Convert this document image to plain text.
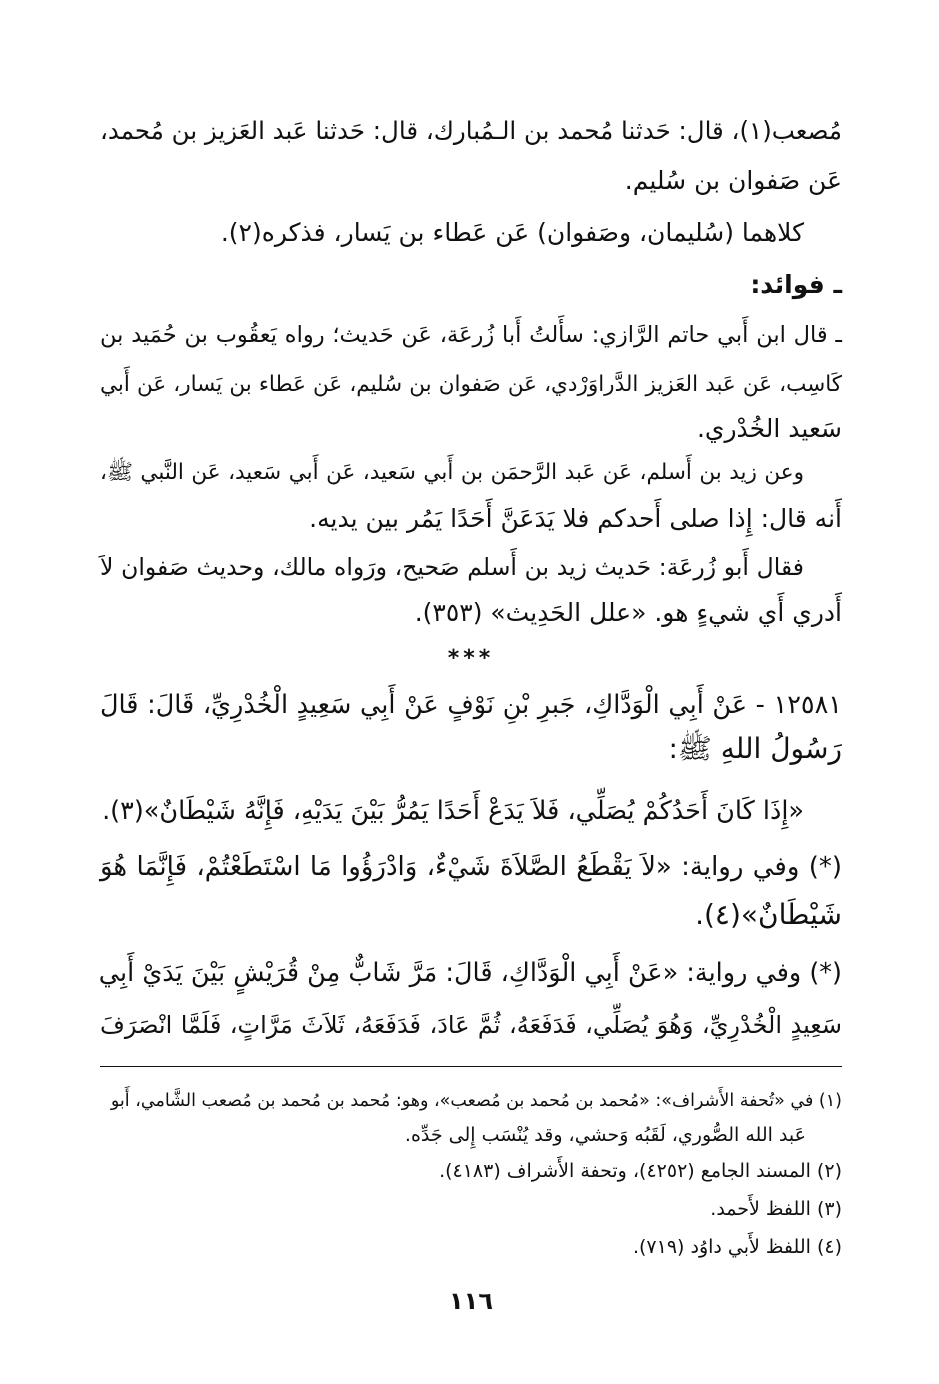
مُصعب(١)، قال: حَدثنا مُحمد بن الـمُبارك، قال: حَدثنا عَبد العَزيز بن مُحمد،
عَن صَفوان بن سُليم.
كلاهما (سُليمان، وصَفوان) عَن عَطاء بن يَسار، فذكره(٢).
ـ فوائد:
ـ قال ابن أَبي حاتم الرَّازي: سأَلتُ أَبا زُرعَة، عَن حَديث؛ رواه يَعقُوب بن حُمَيد بن
كَاسِب، عَن عَبد العَزيز الدَّراوَرْدي، عَن صَفوان بن سُليم، عَن عَطاء بن يَسار، عَن أَبي
سَعيد الخُدْري.
وعن زيد بن أَسلم، عَن عَبد الرَّحمَن بن أَبي سَعيد، عَن أَبي سَعيد، عَن النَّبي ﷺ،
أَنه قال: إِذا صلى أَحدكم فلا يَدَعَنَّ أَحَدًا يَمُر بين يديه.
فقال أَبو زُرعَة: حَديث زيد بن أَسلم صَحيح، ورَواه مالك، وحديث صَفوان لاَ
أَدري أَي شيءٍ هو. «علل الحَدِيث» (٣٥٣).
***
١٢٥٨١ - عَنْ أَبِي الْوَدَّاكِ، جَبرِ بْنِ نَوْفٍ عَنْ أَبِي سَعِيدٍ الْخُدْرِيِّ، قَالَ: قَالَ
رَسُولُ اللهِ ﷺ:
«إِذَا كَانَ أَحَدُكُمْ يُصَلِّي، فَلاَ يَدَعْ أَحَدًا يَمُرُّ بَيْنَ يَدَيْهِ، فَإِنَّهُ شَيْطَانٌ»(٣).
(*) وفي رواية: «لاَ يَقْطَعُ الصَّلاَةَ شَيْءٌ، وَادْرَؤُوا مَا اسْتَطَعْتُمْ، فَإِنَّمَا هُوَ
شَيْطَانٌ»(٤).
(*) وفي رواية: «عَنْ أَبِي الْوَدَّاكِ، قَالَ: مَرَّ شَابٌّ مِنْ قُرَيْشٍ بَيْنَ يَدَيْ أَبِي
سَعِيدٍ الْخُدْرِيِّ، وَهُوَ يُصَلِّي، فَدَفَعَهُ، ثُمَّ عَادَ، فَدَفَعَهُ، ثَلاَثَ مَرَّاتٍ، فَلَمَّا انْصَرَفَ
(١) في «تُحفة الأَشراف»: «مُحمد بن مُحمد بن مُصعب»، وهو: مُحمد بن مُحمد بن مُصعب الشَّامي، أَبو
عَبد الله الصُّوري، لَقَبُه وَحشي، وقد يُنْسَب إِلى جَدِّه.
(٢) المسند الجامع (٤٢٥٢)، وتحفة الأَشراف (٤١٨٣).
(٣) اللفظ لأَحمد.
(٤) اللفظ لأَبي داوُد (٧١٩).
١١٦
